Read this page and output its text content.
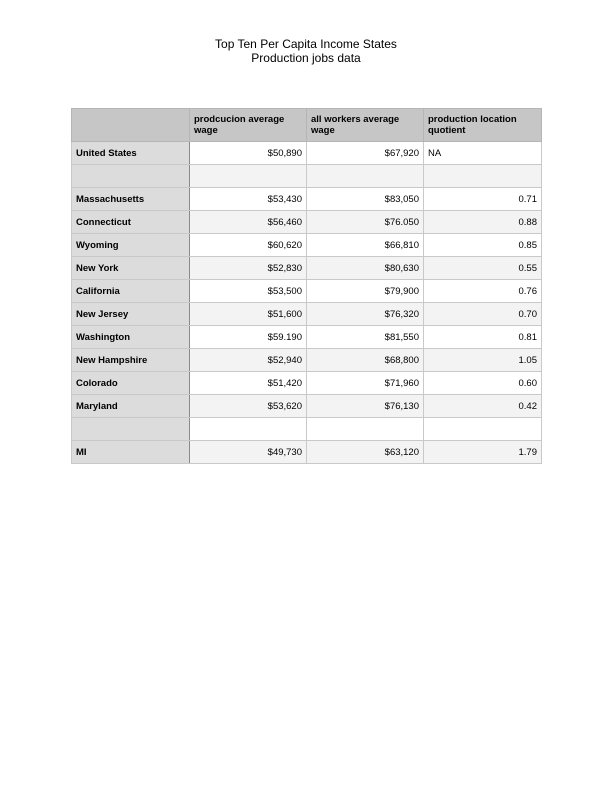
Top Ten Per Capita Income States
Production jobs data
	prodcucion average wage	all workers average wage	production location quotient
United States	$50,890	$67,920	NA

Massachusetts	$53,430	$83,050	0.71
Connecticut	$56,460	$76.050	0.88
Wyoming	$60,620	$66,810	0.85
New York	$52,830	$80,630	0.55
California	$53,500	$79,900	0.76
New Jersey	$51,600	$76,320	0.70
Washington	$59.190	$81,550	0.81
New Hampshire	$52,940	$68,800	1.05
Colorado	$51,420	$71,960	0.60
Maryland	$53,620	$76,130	0.42

MI	$49,730	$63,120	1.79
